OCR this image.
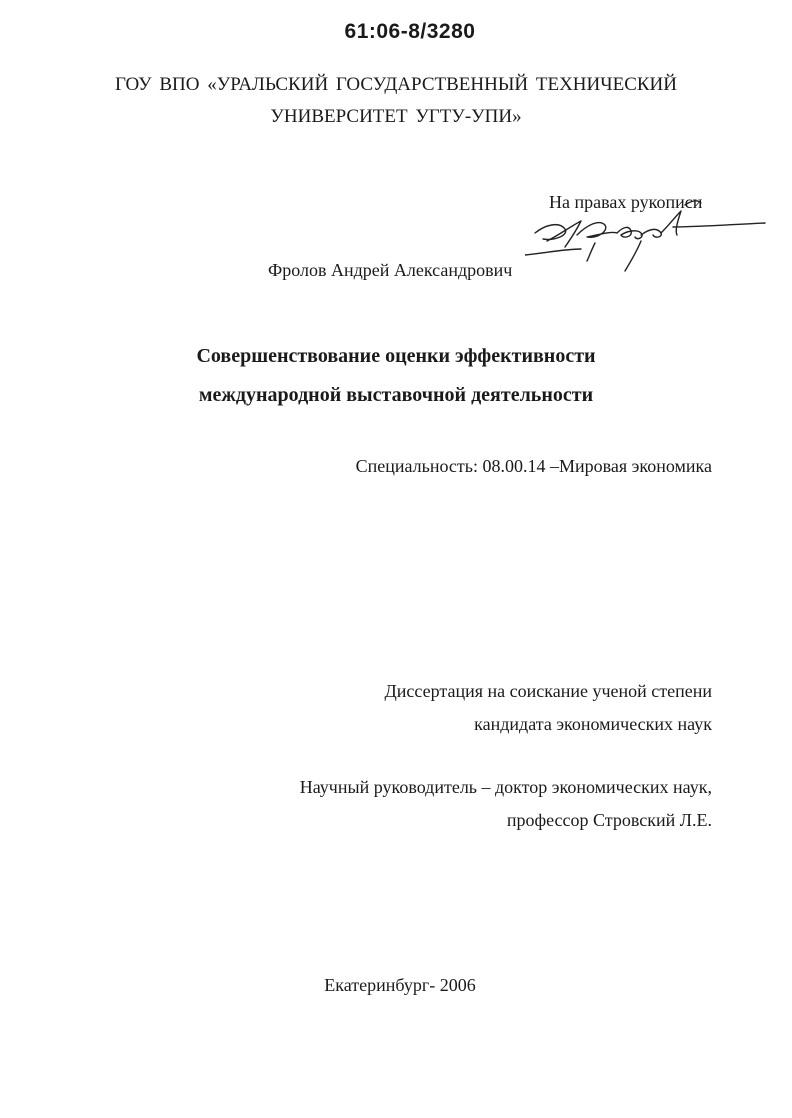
61:06-8/3280
ГОУ ВПО «УРАЛЬСКИЙ ГОСУДАРСТВЕННЫЙ ТЕХНИЧЕСКИЙ
УНИВЕРСИТЕТ УГТУ-УПИ»
На правах рукописи
Фролов Андрей Александрович
Совершенствование оценки эффективности
международной выставочной деятельности
Специальность: 08.00.14 –Мировая экономика
Диссертация на соискание ученой степени
кандидата экономических наук
Научный руководитель – доктор экономических наук,
профессор Стровский Л.Е.
Екатеринбург- 2006
